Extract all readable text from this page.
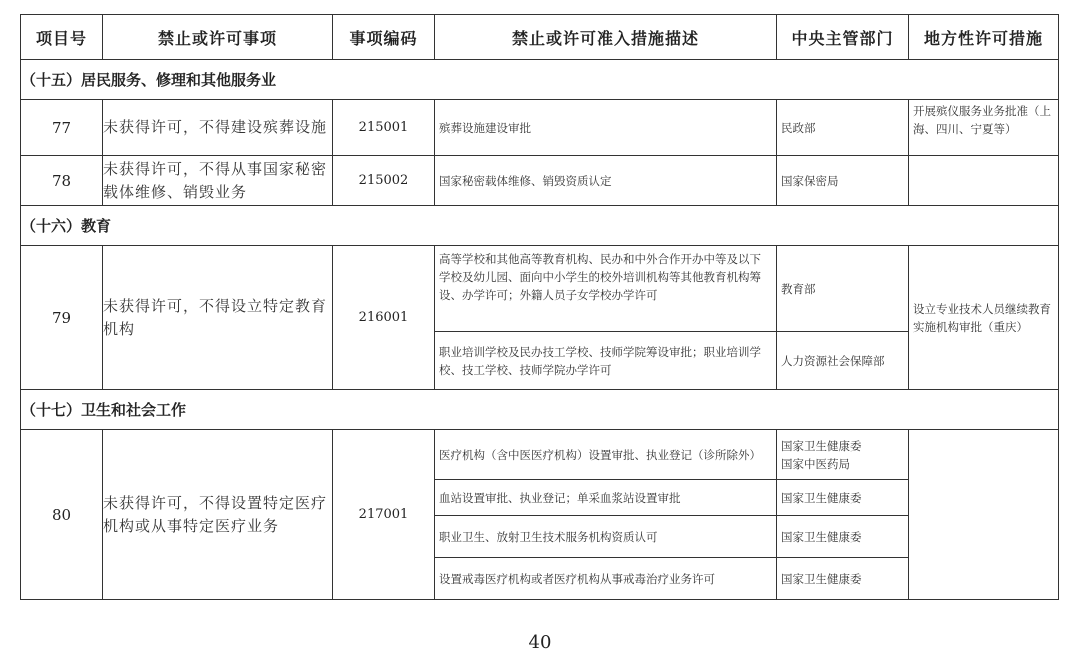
项目号	禁止或许可事项	事项编码	禁止或许可准入措施描述	中央主管部门	地方性许可措施
（十五）居民服务、修理和其他服务业					
77	未获得许可，不得建设殡葬设施	215001	殡葬设施建设审批	民政部	开展殡仪服务业务批准（上海、四川、宁夏等）

78	未获得许可，不得从事国家秘密载体维修、销毁业务	215002	国家秘密载体维修、销毁资质认定	国家保密局	

（十六）教育					
79	未获得许可，不得设立特定教育机构	216001	高等学校和其他高等教育机构、民办和中外合作开办中等及以下学校及幼儿园、面向中小学生的校外培训机构等其他教育机构筹设、办学许可；外籍人员子女学校办学许可	教育部	设立专业技术人员继续教育实施机构审批（重庆）

			职业培训学校及民办技工学校、技师学院筹设审批；职业培训学校、技工学校、技师学院办学许可	人力资源社会保障部	

（十七）卫生和社会工作					
80	未获得许可，不得设置特定医疗机构或从事特定医疗业务	217001	医疗机构（含中医医疗机构）设置审批、执业登记（诊所除外）	国家卫生健康委
国家中医药局	

			血站设置审批、执业登记；单采血浆站设置审批	国家卫生健康委	

			职业卫生、放射卫生技术服务机构资质认可	国家卫生健康委	

			设置戒毒医疗机构或者医疗机构从事戒毒治疗业务许可	国家卫生健康委	
40
